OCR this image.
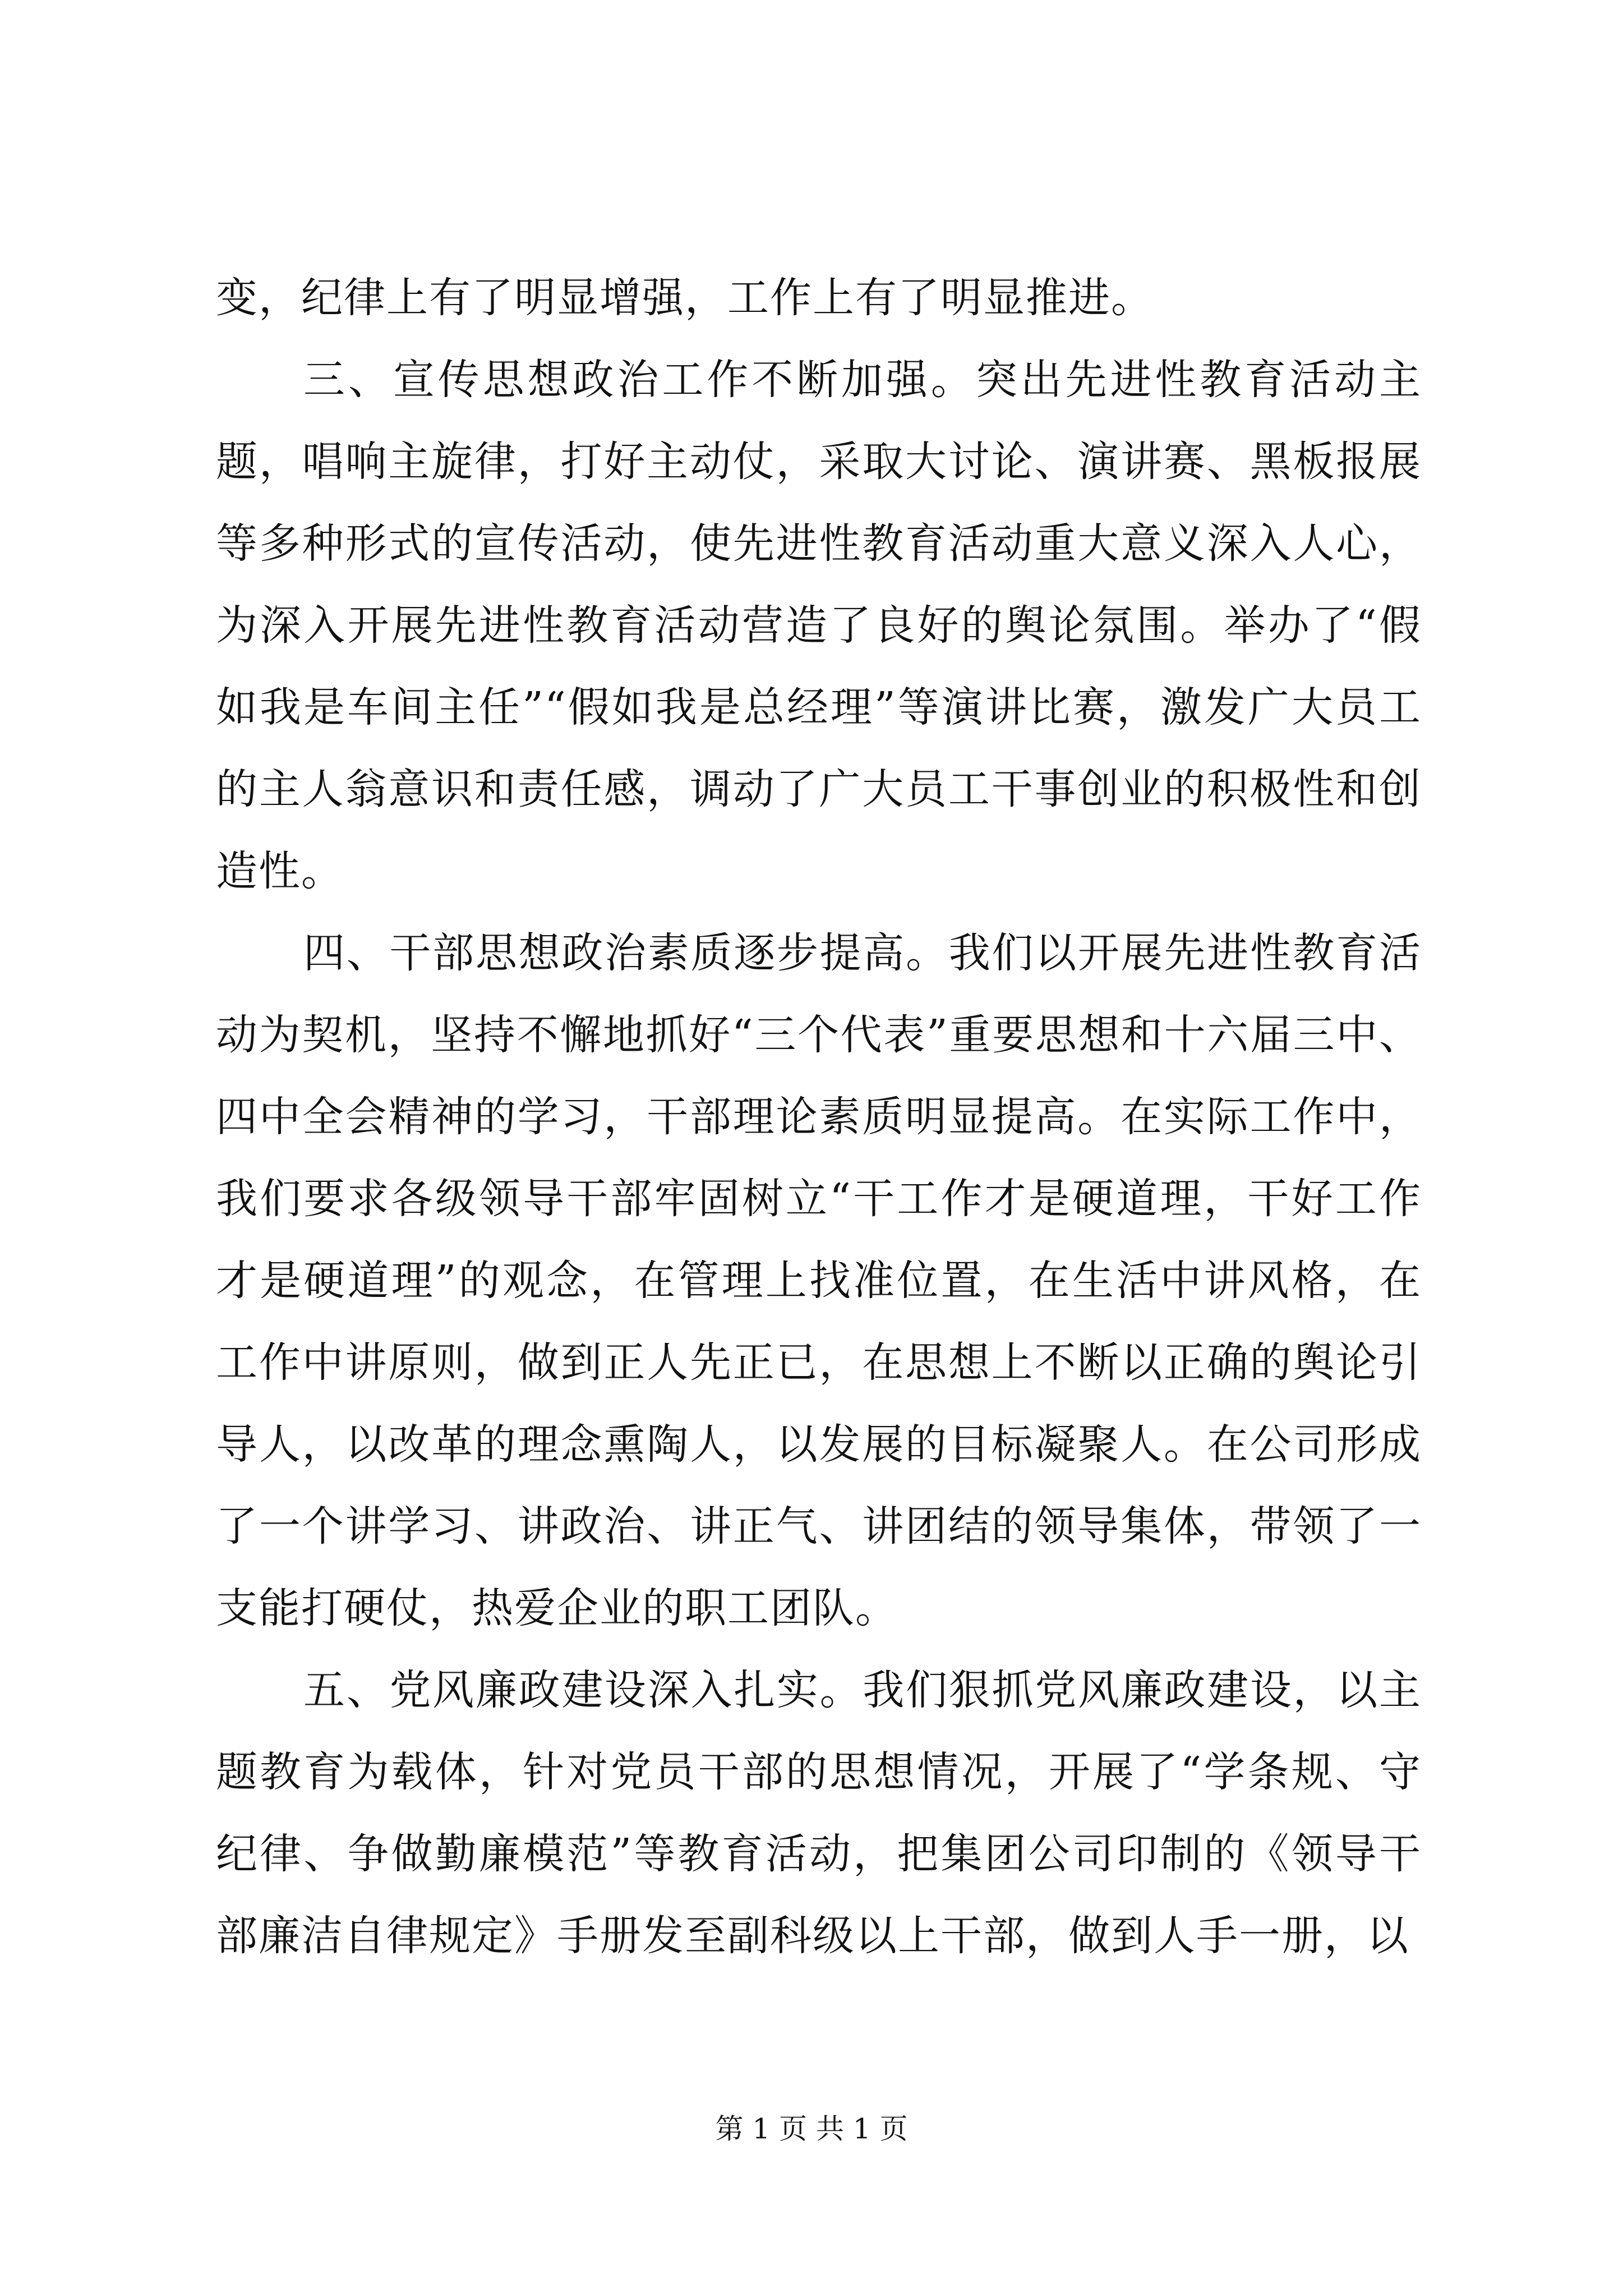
变，纪律上有了明显增强，工作上有了明显推进。

三、宣传思想政治工作不断加强。突出先进性教育活动主题，唱响主旋律，打好主动仗，采取大讨论、演讲赛、黑板报展等多种形式的宣传活动，使先进性教育活动重大意义深入人心，为深入开展先进性教育活动营造了良好的舆论氛围。举办了“假如我是车间主任”“假如我是总经理”等演讲比赛，激发广大员工的主人翁意识和责任感，调动了广大员工干事创业的积极性和创造性。

四、干部思想政治素质逐步提高。我们以开展先进性教育活动为契机，坚持不懈地抓好“三个代表”重要思想和十六届三中、四中全会精神的学习，干部理论素质明显提高。在实际工作中，我们要求各级领导干部牢固树立“干工作才是硬道理，干好工作才是硬道理”的观念，在管理上找准位置，在生活中讲风格，在工作中讲原则，做到正人先正已，在思想上不断以正确的舆论引导人，以改革的理念熏陶人，以发展的目标凝聚人。在公司形成了一个讲学习、讲政治、讲正气、讲团结的领导集体，带领了一支能打硬仗，热爱企业的职工团队。

五、党风廉政建设深入扎实。我们狠抓党风廉政建设，以主题教育为载体，针对党员干部的思想情况，开展了“学条规、守纪律、争做勤廉模范”等教育活动，把集团公司印制的《领导干部廉洁自律规定》手册发至副科级以上干部，做到人手一册，以

第 1 页 共 1 页
